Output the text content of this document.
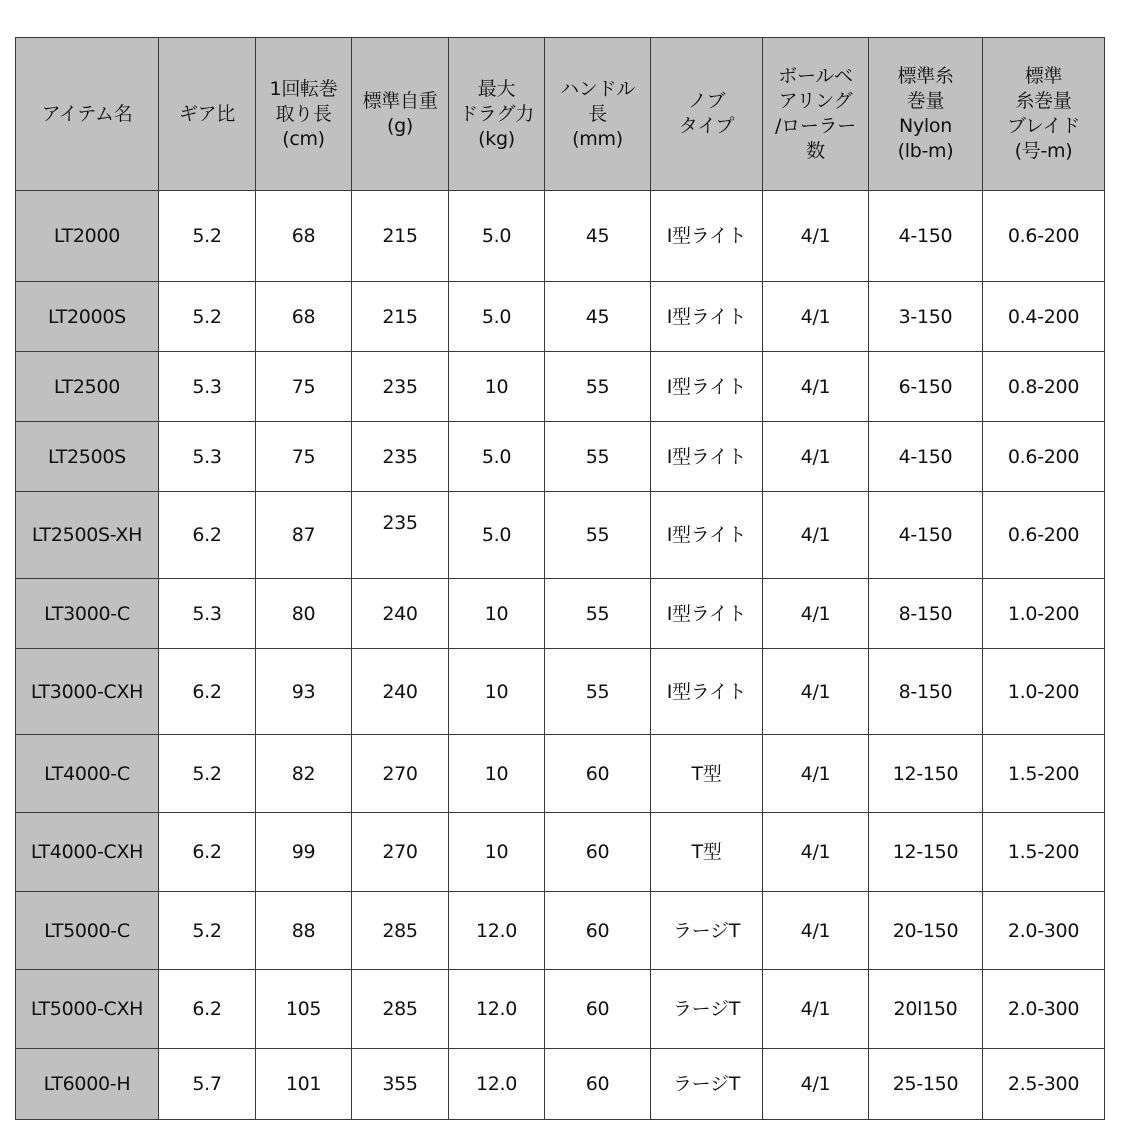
アイテム名	ギア比	1回転巻
取り長
(cm)	標準自重
(g)	最大
ドラグ力
(kg)	ハンドル
長
(mm)	ノブ
タイプ	ボールベ
アリング
/ローラー
数	標準糸
巻量
Nylon
(lb-m)	標準
糸巻量
ブレイド
(号-m)

LT2000	5.2	68	215	5.0	45	I型ライト	4/1	4-150	0.6-200
LT2000S	5.2	68	215	5.0	45	I型ライト	4/1	3-150	0.4-200
LT2500	5.3	75	235	10	55	I型ライト	4/1	6-150	0.8-200
LT2500S	5.3	75	235	5.0	55	I型ライト	4/1	4-150	0.6-200
LT2500S-XH	6.2	87	235	5.0	55	I型ライト	4/1	4-150	0.6-200
LT3000-C	5.3	80	240	10	55	I型ライト	4/1	8-150	1.0-200
LT3000-CXH	6.2	93	240	10	55	I型ライト	4/1	8-150	1.0-200
LT4000-C	5.2	82	270	10	60	T型	4/1	12-150	1.5-200
LT4000-CXH	6.2	99	270	10	60	T型	4/1	12-150	1.5-200
LT5000-C	5.2	88	285	12.0	60	ラージT	4/1	20-150	2.0-300
LT5000-CXH	6.2	105	285	12.0	60	ラージT	4/1	20l150	2.0-300
LT6000-H	5.7	101	355	12.0	60	ラージT	4/1	25-150	2.5-300
